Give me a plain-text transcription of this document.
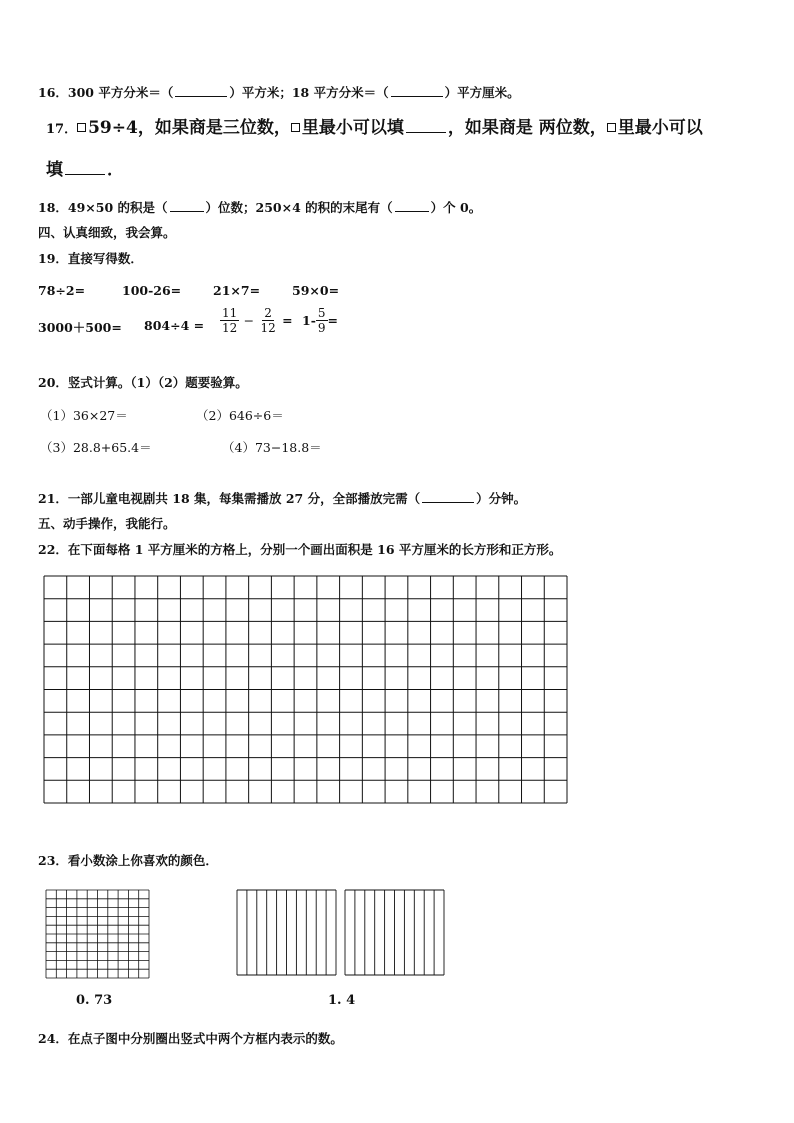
16．300 平方分米＝（	）平方米；18 平方分米＝（	）平方厘米。
17． 59÷4，如果商是三位数， 里最小可以填	，如果商是 两位数， 里最小可以
填	．
18．49×50 的积是（	）位数；250×4 的积的末尾有（	）个 0。
四、认真细致，我会算。
19．直接写得数．
78÷2=	100-26=	21×7=	59×0=
$3000+500= 804\div 4 = \frac{11}{12} - \frac{2}{12} = 1- \frac{5}{9}$ =
20．竖式计算。（1）（2）题要验算。
（1）36×27＝	（2）646÷6＝
（3）28.8+65.4＝	（4）73−18.8＝
21．一部儿童电视剧共 18 集，每集需播放 27 分，全部播放完需（	）分钟。
五、动手操作，我能行。
22．在下面每格 1 平方厘米的方格上，分别一个画出面积是 16 平方厘米的长方形和正方形。
23．看小数涂上你喜欢的颜色．
0. 73	1. 4
24．在点子图中分别圈出竖式中两个方框内表示的数。
